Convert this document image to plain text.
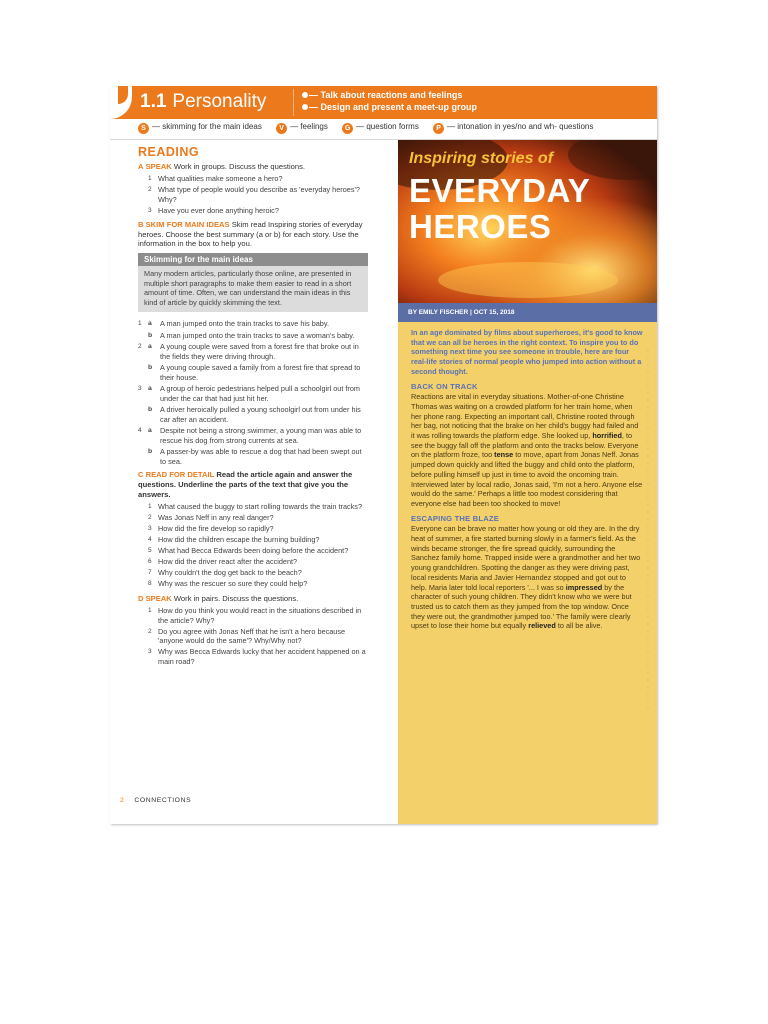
1.1 Personality	— Talk about reactions and feelings
— Design and present a meet-up group
S — skimming for the main ideas V — feelings G — question forms P — intonation in yes/no and wh- questions
READING
A SPEAK Work in groups. Discuss the questions.
1 What qualities make someone a hero?
2 What type of people would you describe as 'everyday heroes'? Why?
3 Have you ever done anything heroic?
B SKIM FOR MAIN IDEAS Skim read Inspiring stories of everyday heroes. Choose the best summary (a or b) for each story. Use the information in the box to help you.
Skimming for the main ideas
Many modern articles, particularly those online, are presented in multiple short paragraphs to make them easier to read in a short amount of time. Often, we can understand the main ideas in this kind of article by quickly skimming the text.
1 a A man jumped onto the train tracks to save his baby.
b A man jumped onto the train tracks to save a woman's baby.
2 a A young couple were saved from a forest fire that broke out in the fields they were driving through.
b A young couple saved a family from a forest fire that spread to their house.
3 a A group of heroic pedestrians helped pull a schoolgirl out from under the car that had just hit her.
b A driver heroically pulled a young schoolgirl out from under his car after an accident.
4 a Despite not being a strong swimmer, a young man was able to rescue his dog from strong currents at sea.
b A passer-by was able to rescue a dog that had been swept out to sea.
C READ FOR DETAIL Read the article again and answer the questions. Underline the parts of the text that give you the answers.
1 What caused the buggy to start rolling towards the train tracks?
2 Was Jonas Neff in any real danger?
3 How did the fire develop so rapidly?
4 How did the children escape the burning building?
5 What had Becca Edwards been doing before the accident?
6 How did the driver react after the accident?
7 Why couldn't the dog get back to the beach?
8 Why was the rescuer so sure they could help?
D SPEAK Work in pairs. Discuss the questions.
1 How do you think you would react in the situations described in the article? Why?
2 Do you agree with Jonas Neff that he isn't a hero because 'anyone would do the same'? Why/Why not?
3 Why was Becca Edwards lucky that her accident happened on a main road?
2 CONNECTIONS
Inspiring stories of
EVERYDAY
HEROES
BY EMILY FISCHER | OCT 15, 2018
In an age dominated by films about superheroes, it's good to know that we can all be heroes in the right context. To inspire you to do something next time you see someone in trouble, here are four real-life stories of normal people who jumped into action without a second thought.
BACK ON TRACK
Reactions are vital in everyday situations. Mother-of-one Christine Thomas was waiting on a crowded platform for her train home, when her phone rang. Expecting an important call, Christine rooted through her bag, not noticing that the brake on her child's buggy had failed and it was rolling towards the platform edge. She looked up, horrified, to see the buggy fall off the platform and onto the tracks below. Everyone on the platform froze, too tense to move, apart from Jonas Neff. Jonas jumped down quickly and lifted the buggy and child onto the platform, before pulling himself up just in time to avoid the oncoming train. Interviewed later by local radio, Jonas said, 'I'm not a hero. Anyone else would do the same.' Perhaps a little too modest considering that everyone else had been too shocked to move!
ESCAPING THE BLAZE
Everyone can be brave no matter how young or old they are. In the dry heat of summer, a fire started burning slowly in a farmer's field. As the winds became stronger, the fire spread quickly, surrounding the Sanchez family home. Trapped inside were a grandmother and her two young grandchildren. Spotting the danger as they were driving past, local residents Maria and Javier Hernandez stopped and got out to help. Maria later told local reporters '... I was so impressed by the character of such young children. They didn't know who we were but trusted us to catch them as they jumped from the top window. Once they were out, the grandmother jumped too.' The family were clearly upset to lose their home but equally relieved to all be alive.
